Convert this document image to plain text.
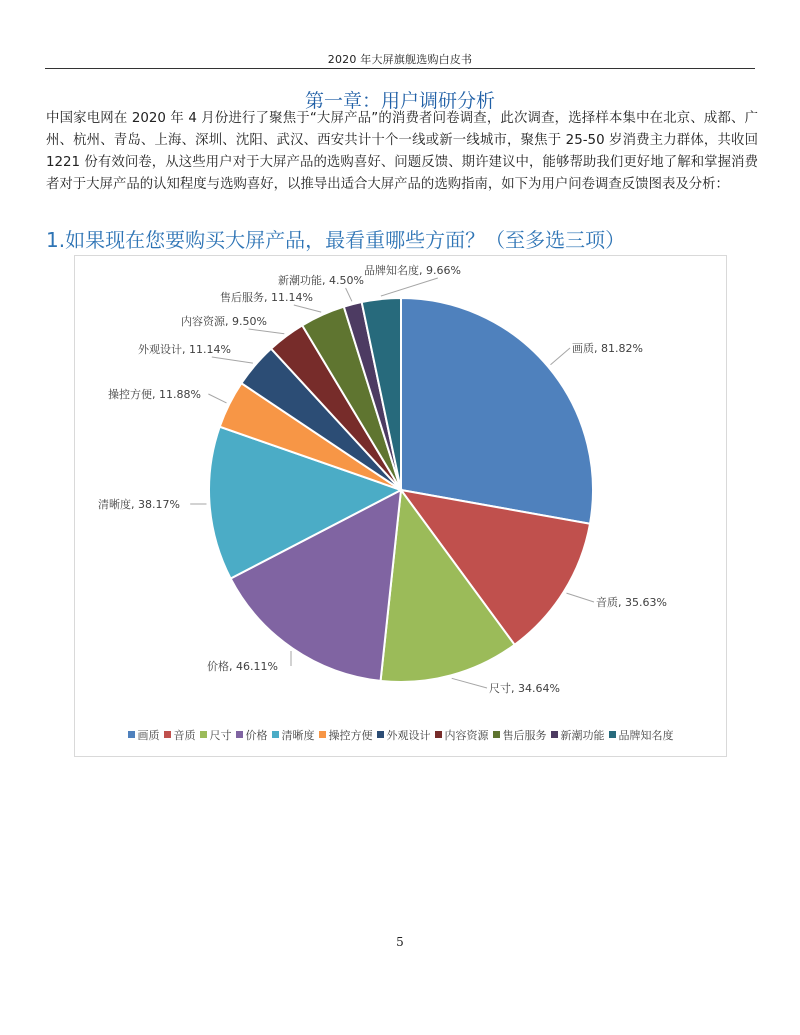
2020 年大屏旗舰选购白皮书
第一章：用户调研分析

中国家电网在 2020 年 4 月份进行了聚焦于“大屏产品”的消费者问卷调查，此次调查，选择样本集中在北京、成都、广州、杭州、青岛、上海、深圳、沈阳、武汉、西安共计十个一线或新一线城市，聚焦于 25-50 岁消费主力群体，共收回 1221 份有效问卷，从这些用户对于大屏产品的选购喜好、问题反馈、期许建议中，能够帮助我们更好地了解和掌握消费者对于大屏产品的认知程度与选购喜好，以推导出适合大屏产品的选购指南，如下为用户问卷调查反馈图表及分析：

1.如果现在您要购买大屏产品，最看重哪些方面？（至多选三项）
画质, 81.82%
音质, 35.63%
尺寸, 34.64%
价格, 46.11%
清晰度, 38.17%
操控方便, 11.88%
外观设计, 11.14%
内容资源, 9.50%
售后服务, 11.14%
新潮功能, 4.50%
品牌知名度, 9.66%
画质 音质 尺寸 价格 清晰度 操控方便 外观设计 内容资源 售后服务 新潮功能 品牌知名度
5
